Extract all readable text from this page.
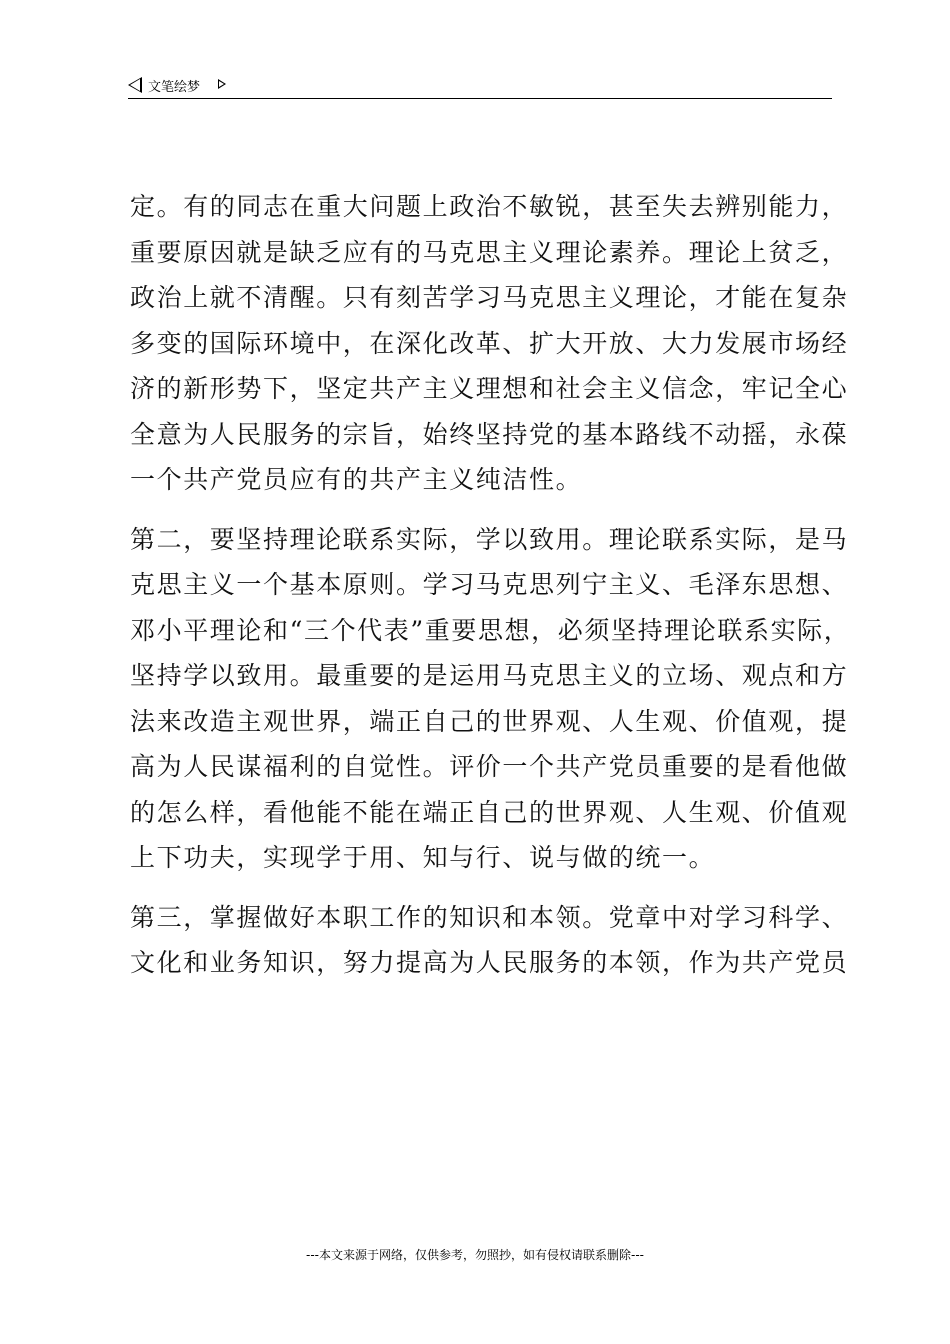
文笔绘梦
定。有的同志在重大问题上政治不敏锐，甚至失去辨别能力，
重要原因就是缺乏应有的马克思主义理论素养。理论上贫乏，
政治上就不清醒。只有刻苦学习马克思主义理论，才能在复杂
多变的国际环境中，在深化改革、扩大开放、大力发展市场经
济的新形势下，坚定共产主义理想和社会主义信念，牢记全心
全意为人民服务的宗旨，始终坚持党的基本路线不动摇，永葆
一个共产党员应有的共产主义纯洁性。
第二，要坚持理论联系实际，学以致用。理论联系实际，是马
克思主义一个基本原则。学习马克思列宁主义、毛泽东思想、
邓小平理论和“三个代表”重要思想，必须坚持理论联系实际，
坚持学以致用。最重要的是运用马克思主义的立场、观点和方
法来改造主观世界，端正自己的世界观、人生观、价值观，提
高为人民谋福利的自觉性。评价一个共产党员重要的是看他做
的怎么样，看他能不能在端正自己的世界观、人生观、价值观
上下功夫，实现学于用、知与行、说与做的统一。
第三，掌握做好本职工作的知识和本领。党章中对学习科学、
文化和业务知识，努力提高为人民服务的本领，作为共产党员
---本文来源于网络，仅供参考，勿照抄，如有侵权请联系删除---
